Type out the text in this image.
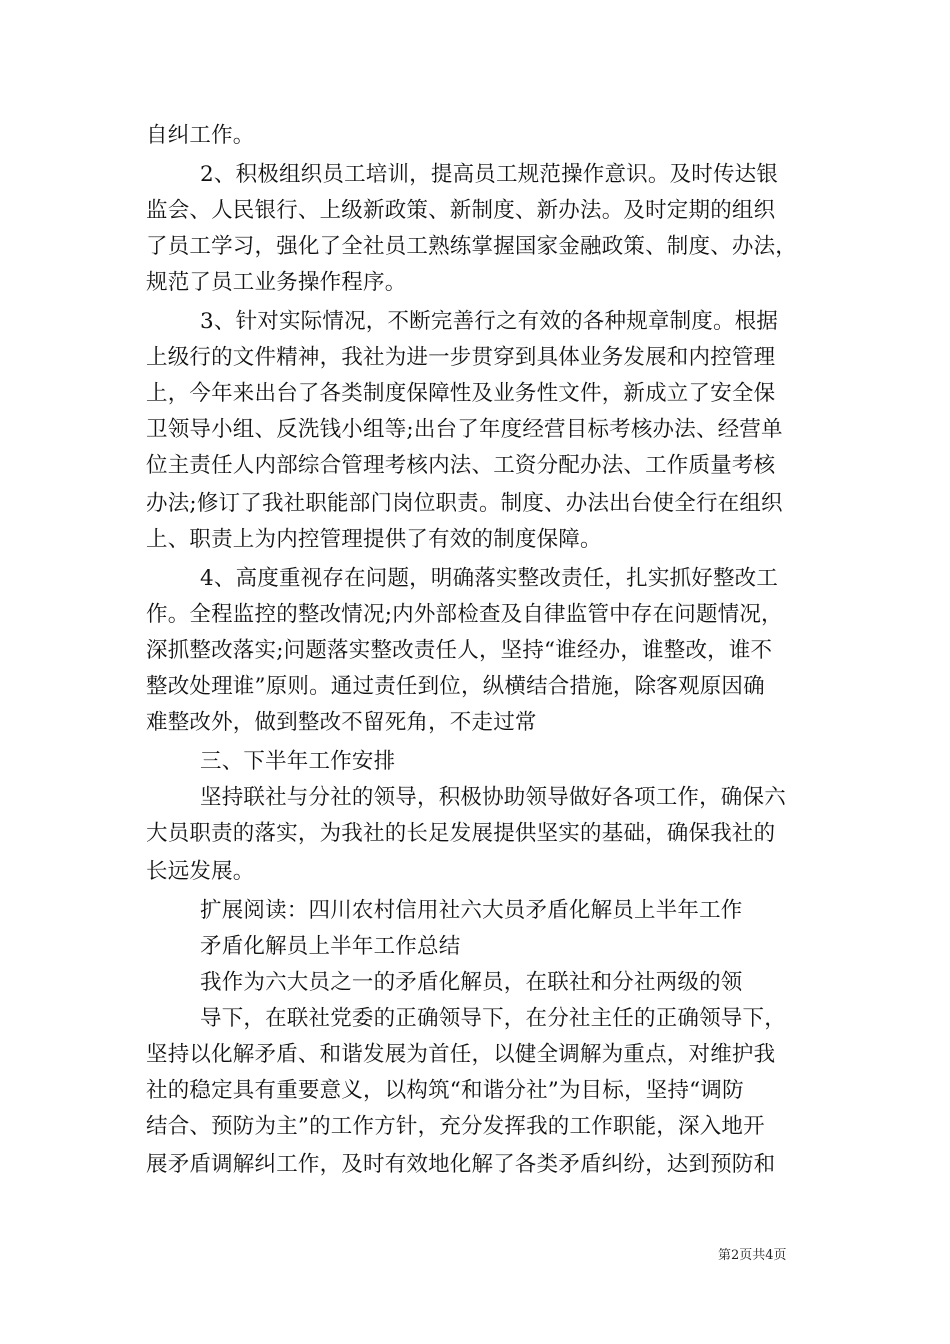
自纠工作。
2、积极组织员工培训，提高员工规范操作意识。及时传达银
监会、人民银行、上级新政策、新制度、新办法。及时定期的组织
了员工学习，强化了全社员工熟练掌握国家金融政策、制度、办法，
规范了员工业务操作程序。
3、针对实际情况，不断完善行之有效的各种规章制度。根据
上级行的文件精神，我社为进一步贯穿到具体业务发展和内控管理
上，今年来出台了各类制度保障性及业务性文件，新成立了安全保
卫领导小组、反洗钱小组等;出台了年度经营目标考核办法、经营单
位主责任人内部综合管理考核内法、工资分配办法、工作质量考核
办法;修订了我社职能部门岗位职责。制度、办法出台使全行在组织
上、职责上为内控管理提供了有效的制度保障。
4、高度重视存在问题，明确落实整改责任，扎实抓好整改工
作。全程监控的整改情况;内外部检查及自律监管中存在问题情况，
深抓整改落实;问题落实整改责任人，坚持“谁经办，谁整改，谁不
整改处理谁”原则。通过责任到位，纵横结合措施，除客观原因确
难整改外，做到整改不留死角，不走过常
三、下半年工作安排
坚持联社与分社的领导，积极协助领导做好各项工作，确保六
大员职责的落实，为我社的长足发展提供坚实的基础，确保我社的
长远发展。
扩展阅读：四川农村信用社六大员矛盾化解员上半年工作
矛盾化解员上半年工作总结
我作为六大员之一的矛盾化解员，在联社和分社两级的领
导下，在联社党委的正确领导下，在分社主任的正确领导下，
坚持以化解矛盾、和谐发展为首任，以健全调解为重点，对维护我
社的稳定具有重要意义，以构筑“和谐分社”为目标，坚持“调防
结合、预防为主”的工作方针，充分发挥我的工作职能，深入地开
展矛盾调解纠工作，及时有效地化解了各类矛盾纠纷，达到预防和
第2页共4页
